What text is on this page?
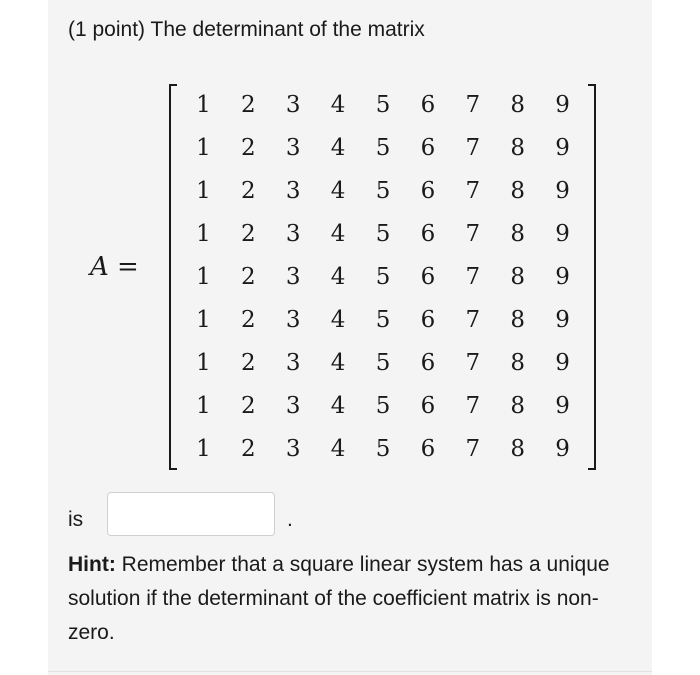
(1 point) The determinant of the matrix
A =
1	2	3	4	5	6	7	8	9
1	2	3	4	5	6	7	8	9
1	2	3	4	5	6	7	8	9
1	2	3	4	5	6	7	8	9
1	2	3	4	5	6	7	8	9
1	2	3	4	5	6	7	8	9
1	2	3	4	5	6	7	8	9
1	2	3	4	5	6	7	8	9
1	2	3	4	5	6	7	8	9
is	.
Hint: Remember that a square linear system has a unique solution if the determinant of the coefficient matrix is non-zero.
